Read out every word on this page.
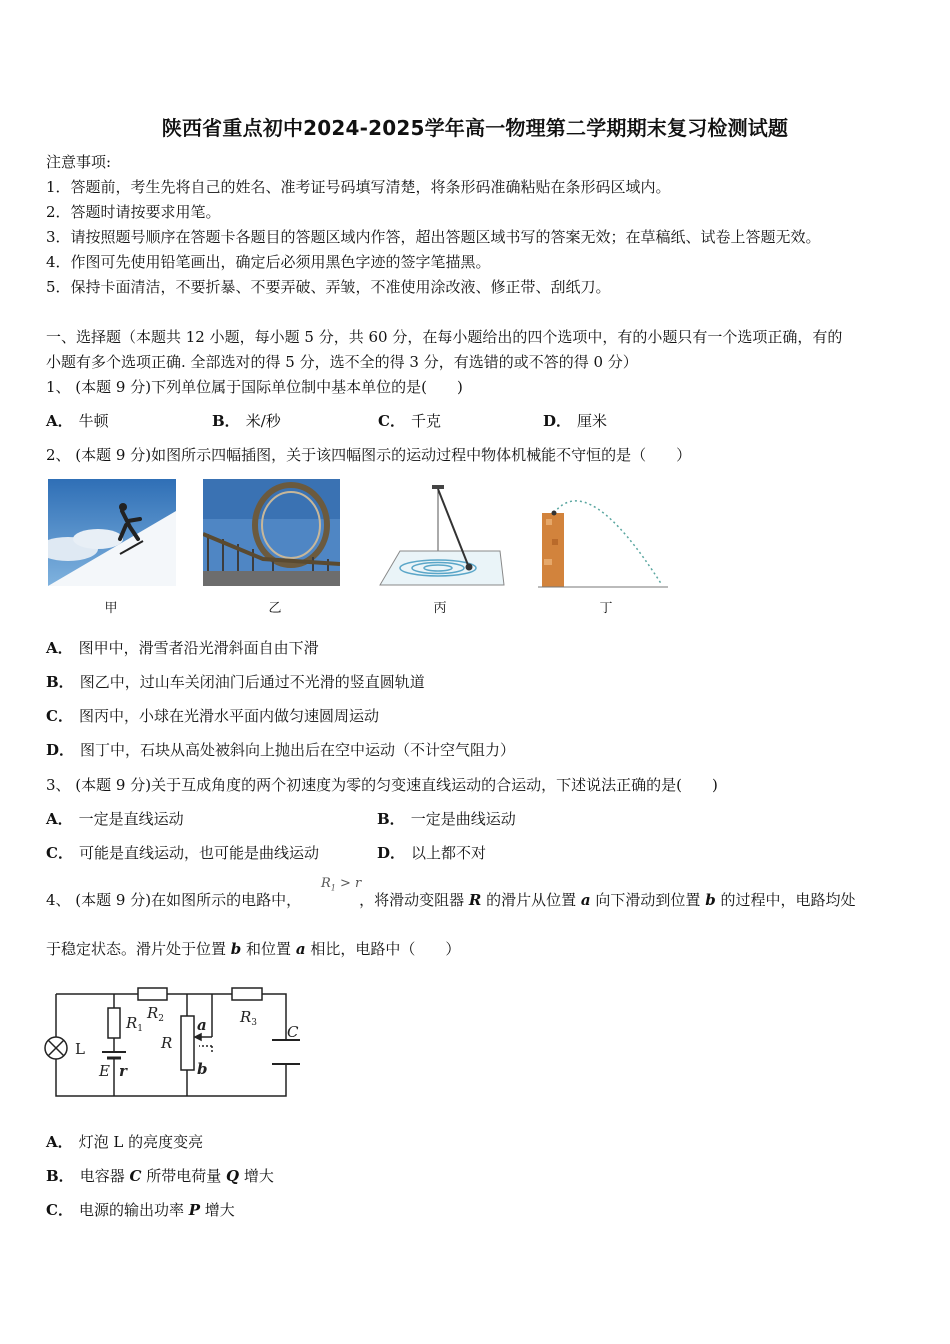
陕西省重点初中2024-2025学年高一物理第二学期期末复习检测试题
注意事项:
1．答题前，考生先将自己的姓名、准考证号码填写清楚，将条形码准确粘贴在条形码区域内。
2．答题时请按要求用笔。
3．请按照题号顺序在答题卡各题目的答题区域内作答，超出答题区域书写的答案无效；在草稿纸、试卷上答题无效。
4．作图可先使用铅笔画出，确定后必须用黑色字迹的签字笔描黑。
5．保持卡面清洁，不要折暴、不要弄破、弄皱，不准使用涂改液、修正带、刮纸刀。
一、选择题（本题共 12 小题，每小题 5 分，共 60 分，在每小题给出的四个选项中，有的小题只有一个选项正确，有的
小题有多个选项正确. 全部选对的得 5 分，选不全的得 3 分，有选错的或不答的得 0 分）
1、 (本题 9 分)下列单位属于国际单位制中基本单位的是(　　)
A． 牛顿	B． 米/秒	C． 千克	D． 厘米
2、 (本题 9 分)如图所示四幅插图，关于该四幅图示的运动过程中物体机械能不守恒的是（　　）
甲	乙	丙	丁
A． 图甲中，滑雪者沿光滑斜面自由下滑
B． 图乙中，过山车关闭油门后通过不光滑的竖直圆轨道
C． 图丙中，小球在光滑水平面内做匀速圆周运动
D． 图丁中，石块从高处被斜向上抛出后在空中运动（不计空气阻力）
3、 (本题 9 分)关于互成角度的两个初速度为零的匀变速直线运动的合运动，下述说法正确的是(　　)
A． 一定是直线运动	B． 一定是曲线运动
C． 可能是直线运动，也可能是曲线运动	D． 以上都不对
4、 (本题 9 分)在如图所示的电路中，	，将滑动变阻器 R 的滑片从位置 a 向下滑动到位置 b 的过程中，电路均处
$R_1 > r$
于稳定状态。滑片处于位置 b 和位置 a 相比，电路中（　　）
L
$R_1$
$R_2$
R
a
b
$R_3$ C
E r
A． 灯泡 L 的亮度变亮
B． 电容器 C 所带电荷量 Q 增大
C． 电源的输出功率 P 增大
